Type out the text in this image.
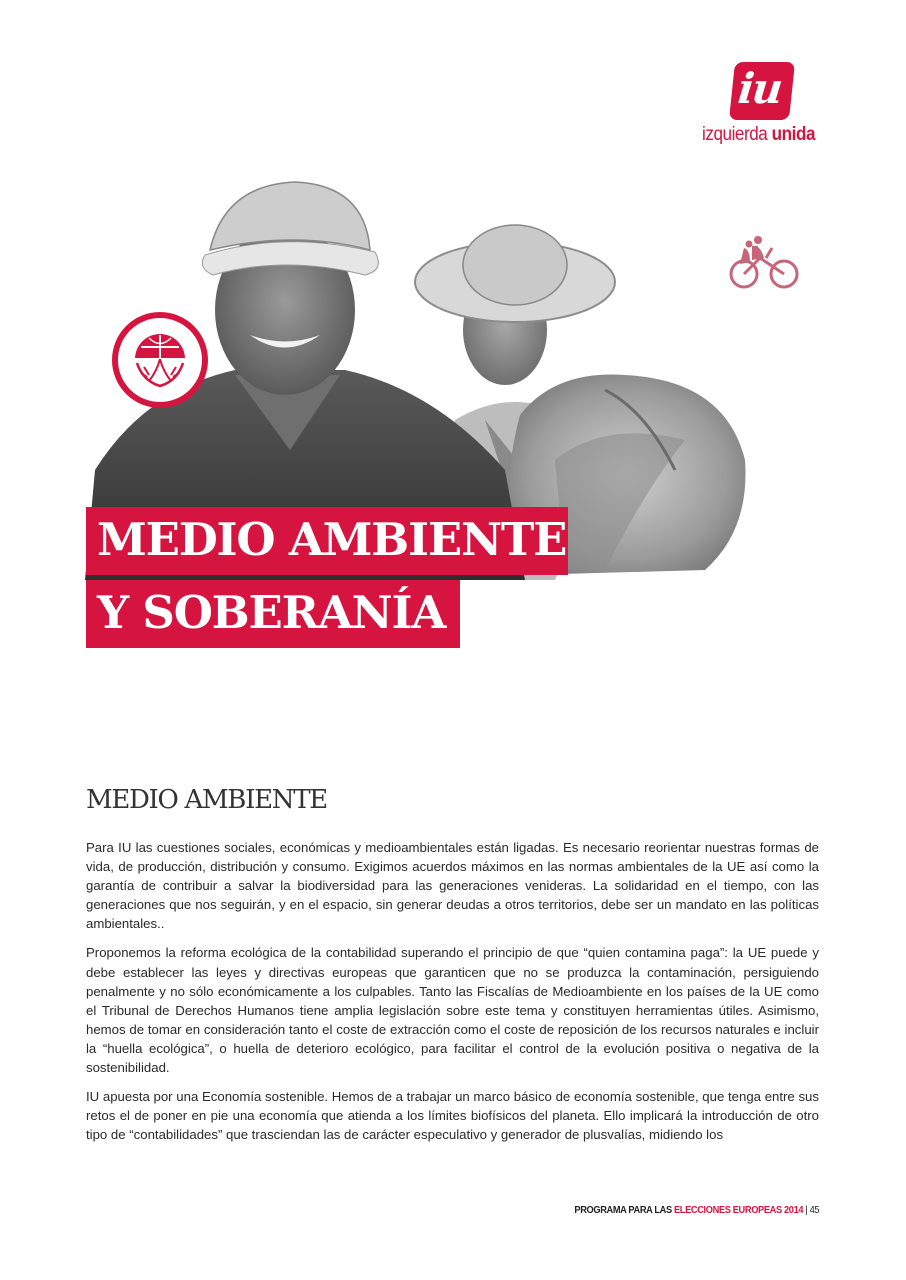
iu
izquierda unida
MEDIO AMBIENTE
Y SOBERANÍA
MEDIO AMBIENTE

Para IU las cuestiones sociales, económicas y medioambientales están ligadas. Es necesario reorientar nuestras formas de vida, de producción, distribución y consumo. Exigimos acuerdos máximos en las normas ambientales de la UE así como la garantía de contribuir a salvar la biodiversidad para las generaciones venideras. La solidaridad en el tiempo, con las generaciones que nos seguirán, y en el espacio, sin generar deudas a otros territorios, debe ser un mandato en las políticas ambientales..

Proponemos la reforma ecológica de la contabilidad superando el principio de que “quien contamina paga”: la UE puede y debe establecer las leyes y directivas europeas que garanticen que no se produzca la contaminación, persiguiendo penalmente y no sólo económicamente a los culpables. Tanto las Fiscalías de Medioambiente en los países de la UE como el Tribunal de Derechos Humanos tiene amplia legislación sobre este tema y constituyen herramientas útiles. Asimismo, hemos de tomar en consideración tanto el coste de extracción como el coste de reposición de los recursos naturales e incluir la “huella ecológica”, o huella de deterioro ecológico, para facilitar el control de la evolución positiva o negativa de la sostenibilidad.

IU apuesta por una Economía sostenible. Hemos de a trabajar un marco básico de economía sostenible, que tenga entre sus retos el de poner en pie una economía que atienda a los límites biofísicos del planeta. Ello implicará la introducción de otro tipo de “contabilidades” que trasciendan las de carácter especulativo y generador de plusvalías, midiendo los

PROGRAMA PARA LAS ELECCIONES EUROPEAS 2014 | 45
